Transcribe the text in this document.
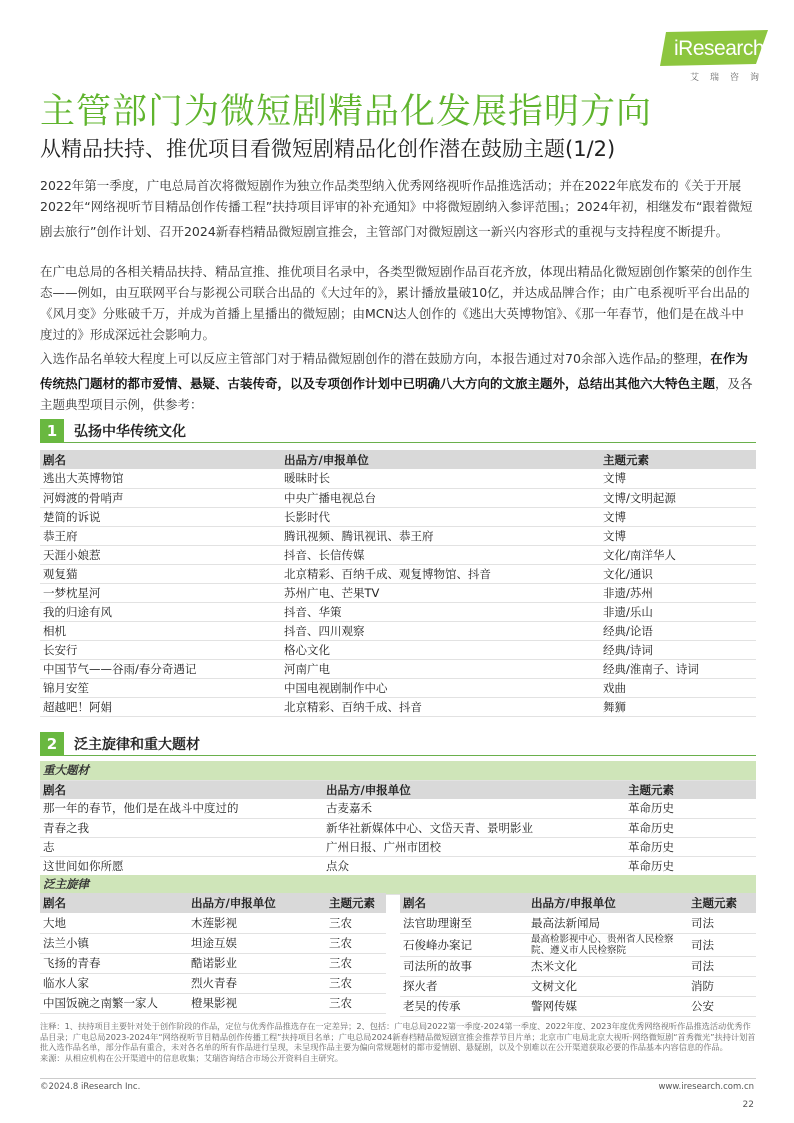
iResearch
艾瑞咨询
主管部门为微短剧精品化发展指明方向
从精品扶持、推优项目看微短剧精品化创作潜在鼓励主题(1/2)
2022年第一季度，广电总局首次将微短剧作为独立作品类型纳入优秀网络视听作品推选活动；并在2022年底发布的《关于开展2022年“网络视听节目精品创作传播工程”扶持项目评审的补充通知》中将微短剧纳入参评范围$_1$；2024年初，相继发布“跟着微短剧去旅行”创作计划、召开2024新春档精品微短剧宣推会，主管部门对微短剧这一新兴内容形式的重视与支持程度不断提升。
在广电总局的各相关精品扶持、精品宣推、推优项目名录中，各类型微短剧作品百花齐放，体现出精品化微短剧创作繁荣的创作生态——例如，由互联网平台与影视公司联合出品的《大过年的》，累计播放量破10亿，并达成品牌合作；由广电系视听平台出品的《风月变》分账破千万，并成为首播上星播出的微短剧；由MCN达人创作的《逃出大英博物馆》、《那一年春节，他们是在战斗中度过的》形成深远社会影响力。
入选作品名单较大程度上可以反应主管部门对于精品微短剧创作的潜在鼓励方向，本报告通过对70余部入选作品$_2$的整理，在作为传统热门题材的都市爱情、悬疑、古装传奇，以及专项创作计划中已明确八大方向的文旅主题外，总结出其他六大特色主题，及各主题典型项目示例，供参考：
1	弘扬中华传统文化
剧名	出品方/申报单位	主题元素
逃出大英博物馆	暖昧时长	文博
河姆渡的骨哨声	中央广播电视总台	文博/文明起源
楚简的诉说	长影时代	文博
恭王府	腾讯视频、腾讯视讯、恭王府	文博
天涯小娘惹	抖音、长信传媒	文化/南洋华人
观复猫	北京精彩、百纳千成、观复博物馆、抖音	文化/通识
一梦枕星河	苏州广电、芒果TV	非遗/苏州
我的归途有风	抖音、华策	非遗/乐山
相机	抖音、四川观察	经典/论语
长安行	格心文化	经典/诗词
中国节气——谷雨/春分奇遇记	河南广电	经典/淮南子、诗词
锦月安笙	中国电视剧制作中心	戏曲
超越吧！阿娟	北京精彩、百纳千成、抖音	舞狮
2	泛主旋律和重大题材
重大题材		
剧名	出品方/申报单位	主题元素
那一年的春节，他们是在战斗中度过的	古麦嘉禾	革命历史
青春之我	新华社新媒体中心、文岱天青、景明影业	革命历史
志	广州日报、广州市团校	革命历史
这世间如你所愿	点众	革命历史
泛主旋律
剧名	出品方/申报单位	主题元素
大地	木莲影视	三农
法兰小镇	坦途互娱	三农
飞扬的青春	酷诺影业	三农
临水人家	烈火青春	三农
中国饭碗之南繁一家人	橙果影视	三农
剧名	出品方/申报单位	主题元素
法官助理谢至	最高法新闻局	司法
石俊峰办案记	最高检影视中心、贵州省人民检察院、遵义市人民检察院	司法
司法所的故事	杰米文化	司法
探火者	文树文化	消防
老吴的传承	警网传媒	公安
注释：1、扶持项目主要针对处于创作阶段的作品，定位与优秀作品推选存在一定差异；2、包括：广电总局2022第一季度-2024第一季度、2022年度、2023年度优秀网络视听作品推选活动优秀作品目录；广电总局2023-2024年“网络视听节目精品创作传播工程”扶持项目名单；广电总局2024新春档精品微短剧宣推会推荐节目片单；北京市广电局北京大视听·网络微短剧“首秀微光”扶持计划首批入选作品名单，部分作品有重合，未对各名单的所有作品进行呈现，未呈现作品主要为偏向常规题材的都市爱情剧、悬疑剧，以及个别难以在公开渠道获取必要的作品基本内容信息的作品。
来源：从相应机构在公开渠道中的信息收集；艾瑞咨询结合市场公开资料自主研究。
©2024.8 iResearch Inc.	www.iresearch.com.cn
22
